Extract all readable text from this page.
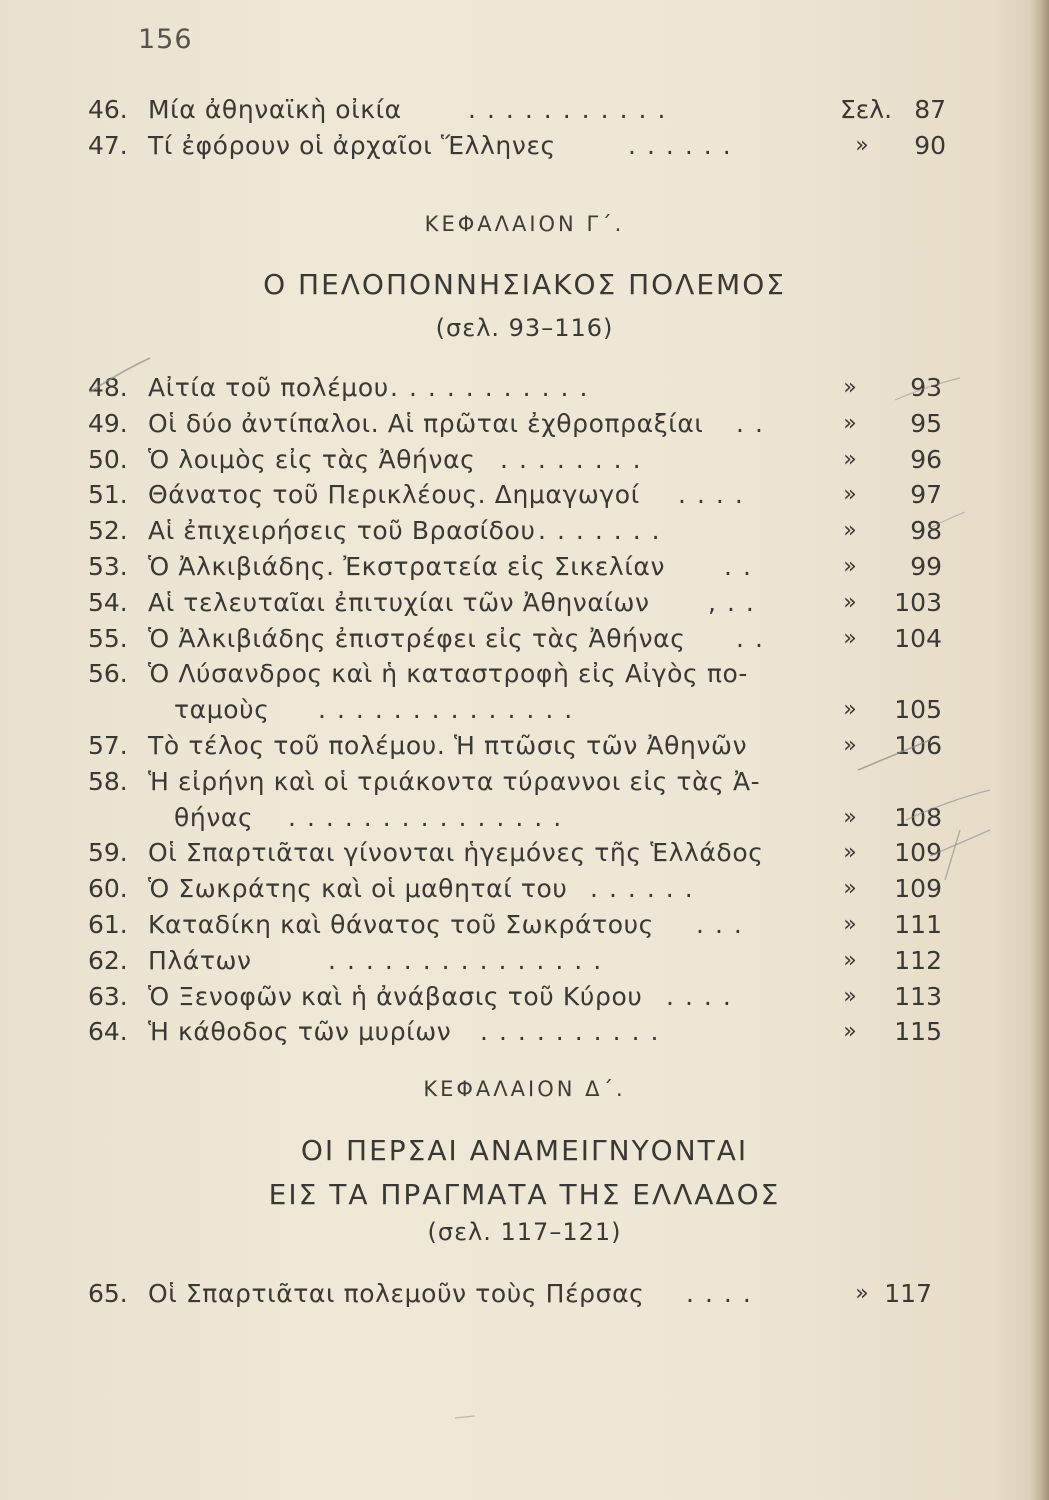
156
46. Μία ἀθηναϊκὴ οἰκία	...........	Σελ. 87
47. Τί ἐφόρουν οἱ ἀρχαῖοι Ἕλληνες	......	»	90
ΚΕΦΑΛΑΙΟΝ Γ΄.
Ο ΠΕΛΟΠΟΝΝΗΣΙΑΚΟΣ ΠΟΛΕΜΟΣ
(σελ. 93–116)
48. Αἰτία τοῦ πολέμου ...........	»	93
49. Οἱ δύο ἀντίπαλοι. Αἱ πρῶται ἐχθροπραξίαι ..	»	95
50. Ὁ λοιμὸς εἰς τὰς Ἀθήνας ........	»	96
51. Θάνατος τοῦ Περικλέους. Δημαγωγοί ....	»	97
52. Αἱ ἐπιχειρήσεις τοῦ Βρασίδου .......	»	98
53. Ὁ Ἀλκιβιάδης. Ἐκστρατεία εἰς Σικελίαν ..	»	99
54. Αἱ τελευταῖαι ἐπιτυχίαι τῶν Ἀθηναίων ,..	»	103
55. Ὁ Ἀλκιβιάδης ἐπιστρέφει εἰς τὰς Ἀθήνας ..	»	104
56. Ὁ Λύσανδρος καὶ ἡ καταστροφὴ εἰς Αἰγὸς πο-
ταμοὺς ..............	»	105
57. Τὸ τέλος τοῦ πολέμου. Ἡ πτῶσις τῶν Ἀθηνῶν	»	106
58. Ἡ εἰρήνη καὶ οἱ τριάκοντα τύραννοι εἰς τὰς Ἀ-
θήνας ...............	»	108
59. Οἱ Σπαρτιᾶται γίνονται ἡγεμόνες τῆς Ἑλλάδος	»	109
60. Ὁ Σωκράτης καὶ οἱ μαθηταί του ......	»	109
61. Καταδίκη καὶ θάνατος τοῦ Σωκράτους ...	»	111
62. Πλάτων	...............	»	112
63. Ὁ Ξενοφῶν καὶ ἡ ἀνάβασις τοῦ Κύρου ....	»	113
64. Ἡ κάθοδος τῶν μυρίων ..........	»	115
ΚΕΦΑΛΑΙΟΝ Δ΄.
ΟΙ ΠΕΡΣΑΙ ΑΝΑΜΕΙΓΝΥΟΝΤΑΙ
ΕΙΣ ΤΑ ΠΡΑΓΜΑΤΑ ΤΗΣ ΕΛΛΑΔΟΣ
(σελ. 117–121)
65. Οἱ Σπαρτιᾶται πολεμοῦν τοὺς Πέρσας ....	» 117
